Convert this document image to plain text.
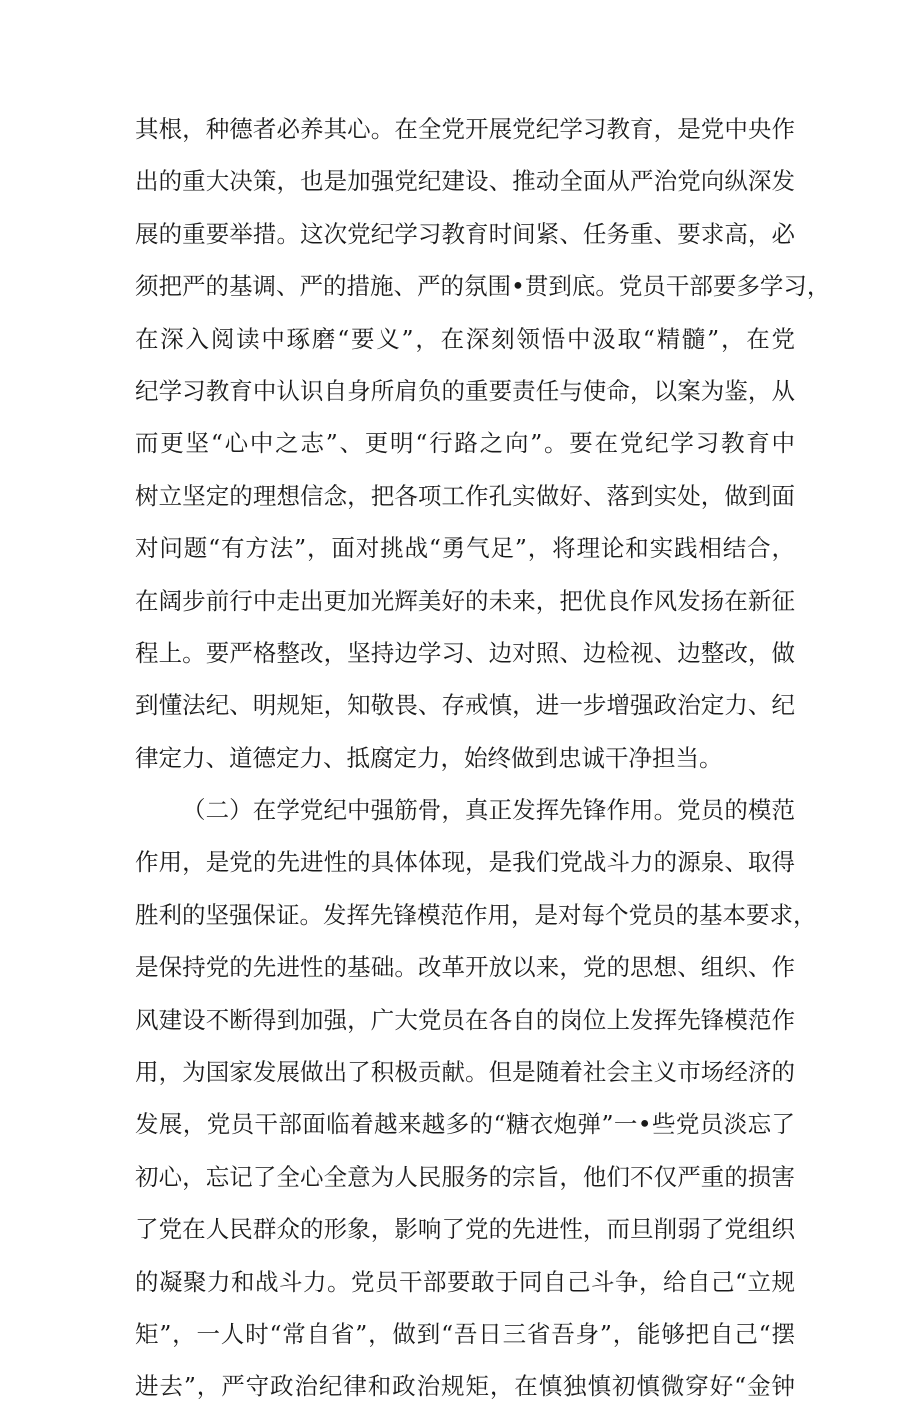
其根，种德者必养其心。在全党开展党纪学习教育，是党中央作
出的重大决策，也是加强党纪建设、推动全面从严治党向纵深发
展的重要举措。这次党纪学习教育时间紧、任务重、要求高，必
须把严的基调、严的措施、严的氛围•贯到底。党员干部要多学习，
在深入阅读中琢磨“要义”，在深刻领悟中汲取“精髓”，在党
纪学习教育中认识自身所肩负的重要责任与使命，以案为鉴，从
而更坚“心中之志”、更明“行路之向”。要在党纪学习教育中
树立坚定的理想信念，把各项工作孔实做好、落到实处，做到面
对问题“有方法”，面对挑战“勇气足”，将理论和实践相结合，
在阔步前行中走出更加光辉美好的未来，把优良作风发扬在新征
程上。要严格整改，坚持边学习、边对照、边检视、边整改，做
到懂法纪、明规矩，知敬畏、存戒慎，进一步增强政治定力、纪
律定力、道德定力、抵腐定力，始终做到忠诚干净担当。
（二）在学党纪中强筋骨，真正发挥先锋作用。党员的模范
作用，是党的先进性的具体体现，是我们党战斗力的源泉、取得
胜利的坚强保证。发挥先锋模范作用，是对每个党员的基本要求，
是保持党的先进性的基础。改革开放以来，党的思想、组织、作
风建设不断得到加强，广大党员在各自的岗位上发挥先锋模范作
用，为国家发展做出了积极贡献。但是随着社会主义市场经济的
发展，党员干部面临着越来越多的“糖衣炮弹”一•些党员淡忘了
初心，忘记了全心全意为人民服务的宗旨，他们不仅严重的损害
了党在人民群众的形象，影响了党的先进性，而旦削弱了党组织
的凝聚力和战斗力。党员干部要敢于同自己斗争，给自己“立规
矩”，一人时“常自省”，做到“吾日三省吾身”，能够把自己“摆
进去”，严守政治纪律和政治规矩，在慎独慎初慎微穿好“金钟
